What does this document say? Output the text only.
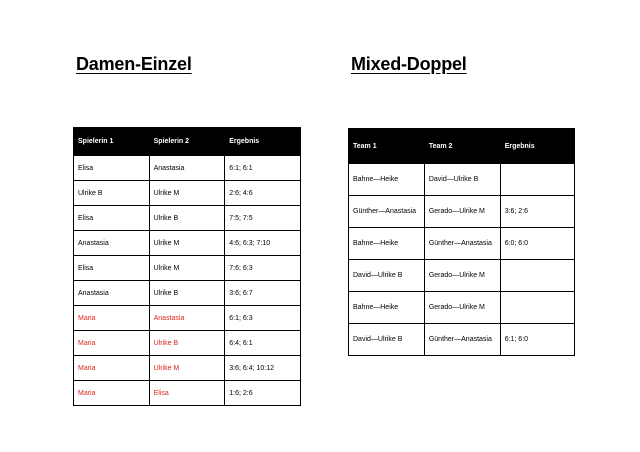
Damen-Einzel	Mixed-Doppel
Spielerin 1	Spielerin 2	Ergebnis
Elisa	Anastasia	6:1; 6:1
Ulrike B	Ulrike M	2:6; 4:6
Elisa	Ulrike B	7:5; 7:5
Anastasia	Ulrike M	4:6; 6:3; 7:10
Elisa	Ulrike M	7:6; 6:3
Anastasia	Ulrike B	3:6; 6:7
Maria	Anastasia	6:1; 6:3
Maria	Ulrike B	6:4; 6:1
Maria	Ulrike M	3:6; 6:4; 10:12
Maria	Elisa	1:6; 2:6
Team 1	Team 2	Ergebnis
Bahne—Heike	David—Ulrike B	
Günther—Anastasia	Gerado—Ulrike M	3:6; 2:6
Bahne—Heike	Günther—Anastasia	6:0; 6:0
David—Ulrike B	Gerado—Ulrike M	
Bahne—Heike	Gerado—Ulrike M	
David—Ulrike B	Günther—Anastasia	6:1; 6:0
